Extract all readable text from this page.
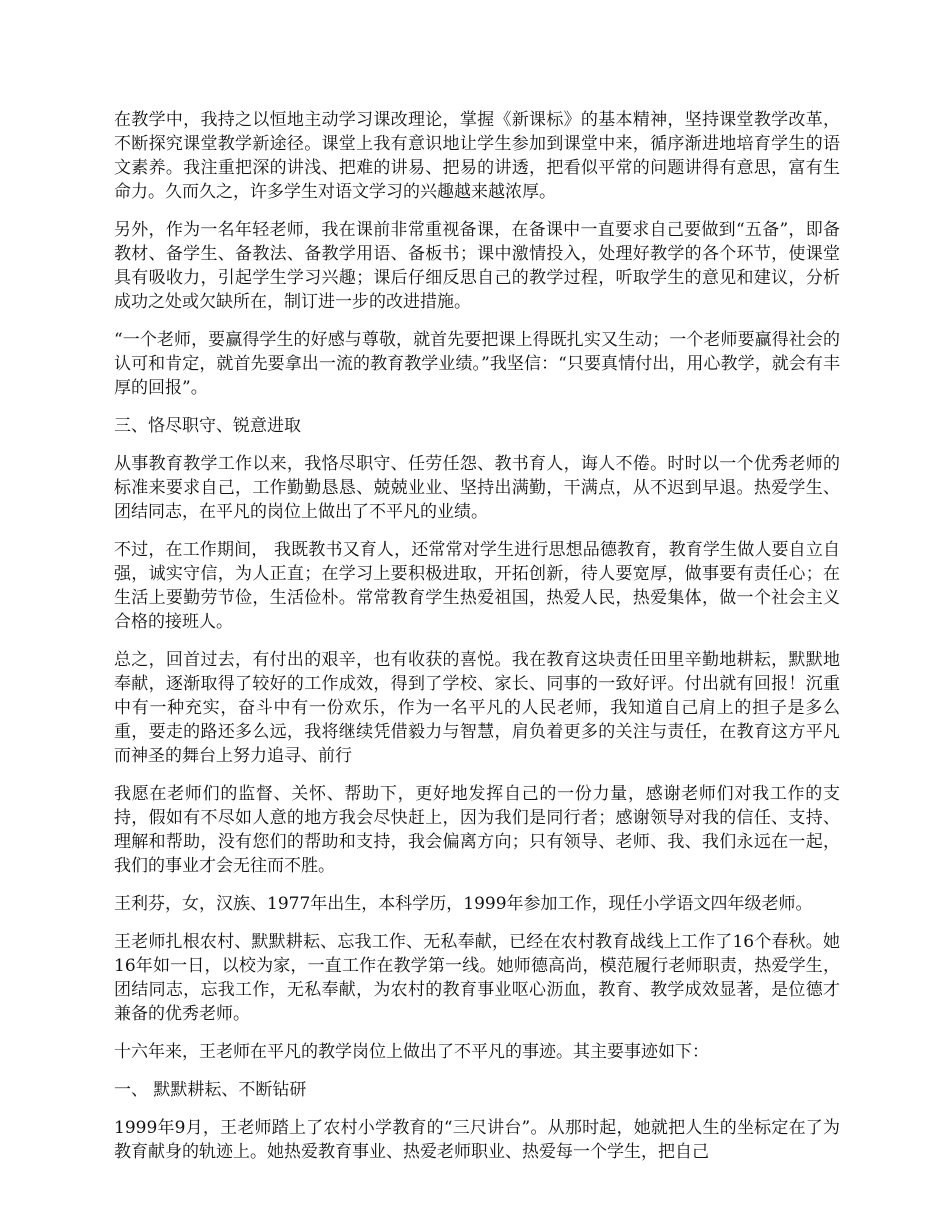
在教学中，我持之以恒地主动学习课改理论，掌握《新课标》的基本精神，坚持课堂教学改革，不断探究课堂教学新途径。课堂上我有意识地让学生参加到课堂中来，循序渐进地培育学生的语文素养。我注重把深的讲浅、把难的讲易、把易的讲透，把看似平常的问题讲得有意思，富有生命力。久而久之，许多学生对语文学习的兴趣越来越浓厚。

另外，作为一名年轻老师，我在课前非常重视备课，在备课中一直要求自己要做到“五备”，即备教材、备学生、备教法、备教学用语、备板书；课中激情投入，处理好教学的各个环节，使课堂具有吸收力，引起学生学习兴趣；课后仔细反思自己的教学过程，听取学生的意见和建议，分析成功之处或欠缺所在，制订进一步的改进措施。

“一个老师，要赢得学生的好感与尊敬，就首先要把课上得既扎实又生动；一个老师要赢得社会的认可和肯定，就首先要拿出一流的教育教学业绩。”我坚信：“只要真情付出，用心教学，就会有丰厚的回报”。

三、恪尽职守、锐意进取

从事教育教学工作以来，我恪尽职守、任劳任怨、教书育人，诲人不倦。时时以一个优秀老师的标准来要求自己，工作勤勤恳恳、兢兢业业、坚持出满勤，干满点，从不迟到早退。热爱学生、团结同志，在平凡的岗位上做出了不平凡的业绩。

不过，在工作期间， 我既教书又育人，还常常对学生进行思想品德教育，教育学生做人要自立自强，诚实守信，为人正直；在学习上要积极进取，开拓创新，待人要宽厚，做事要有责任心；在生活上要勤劳节俭，生活俭朴。常常教育学生热爱祖国，热爱人民，热爱集体，做一个社会主义合格的接班人。

总之，回首过去，有付出的艰辛，也有收获的喜悦。我在教育这块责任田里辛勤地耕耘，默默地奉献，逐渐取得了较好的工作成效，得到了学校、家长、同事的一致好评。付出就有回报！沉重中有一种充实，奋斗中有一份欢乐，作为一名平凡的人民老师，我知道自己肩上的担子是多么重，要走的路还多么远，我将继续凭借毅力与智慧，肩负着更多的关注与责任，在教育这方平凡而神圣的舞台上努力追寻、前行

我愿在老师们的监督、关怀、帮助下，更好地发挥自己的一份力量，感谢老师们对我工作的支持，假如有不尽如人意的地方我会尽快赶上，因为我们是同行者；感谢领导对我的信任、支持、理解和帮助，没有您们的帮助和支持，我会偏离方向；只有领导、老师、我、我们永远在一起，我们的事业才会无往而不胜。

王利芬，女，汉族、1977年出生，本科学历，1999年参加工作，现任小学语文四年级老师。

王老师扎根农村、默默耕耘、忘我工作、无私奉献，已经在农村教育战线上工作了16个春秋。她16年如一日，以校为家，一直工作在教学第一线。她师德高尚，模范履行老师职责，热爱学生，团结同志，忘我工作，无私奉献，为农村的教育事业呕心沥血，教育、教学成效显著，是位德才兼备的优秀老师。

十六年来，王老师在平凡的教学岗位上做出了不平凡的事迹。其主要事迹如下：

一、 默默耕耘、不断钻研

1999年9月，王老师踏上了农村小学教育的“三尺讲台”。从那时起，她就把人生的坐标定在了为教育献身的轨迹上。她热爱教育事业、热爱老师职业、热爱每一个学生，把自己
